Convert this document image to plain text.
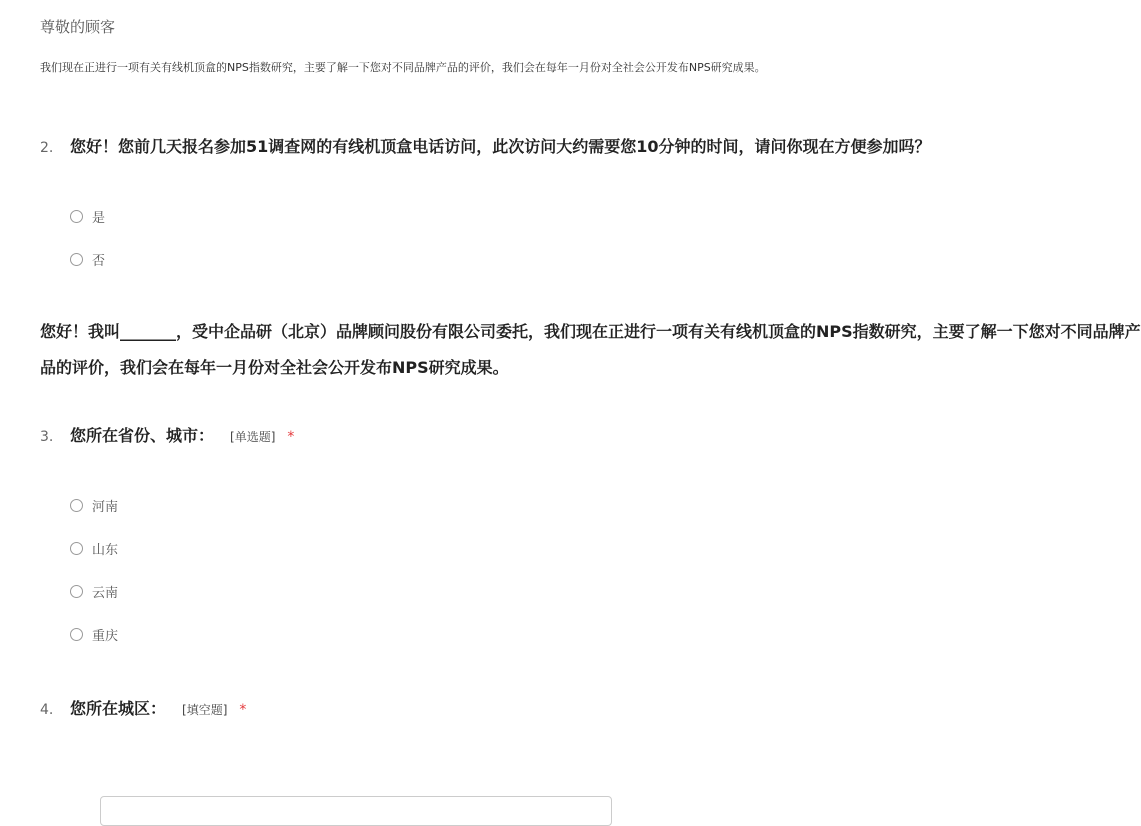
尊敬的顾客
我们现在正进行一项有关有线机顶盒的NPS指数研究，主要了解一下您对不同品牌产品的评价，我们会在每年一月份对全社会公开发布NPS研究成果。
2.	您好！您前几天报名参加51调查网的有线机顶盒电话访问，此次访问大约需要您10分钟的时间，请问你现在方便参加吗？
是
否
您好！我叫_______，受中企品研（北京）品牌顾问股份有限公司委托，我们现在正进行一项有关有线机顶盒的NPS指数研究，主要了解一下您对不同品牌产
品的评价，我们会在每年一月份对全社会公开发布NPS研究成果。
3.	您所在省份、城市： [单选题] *
河南
山东
云南
重庆
4.	您所在城区： [填空题] *
